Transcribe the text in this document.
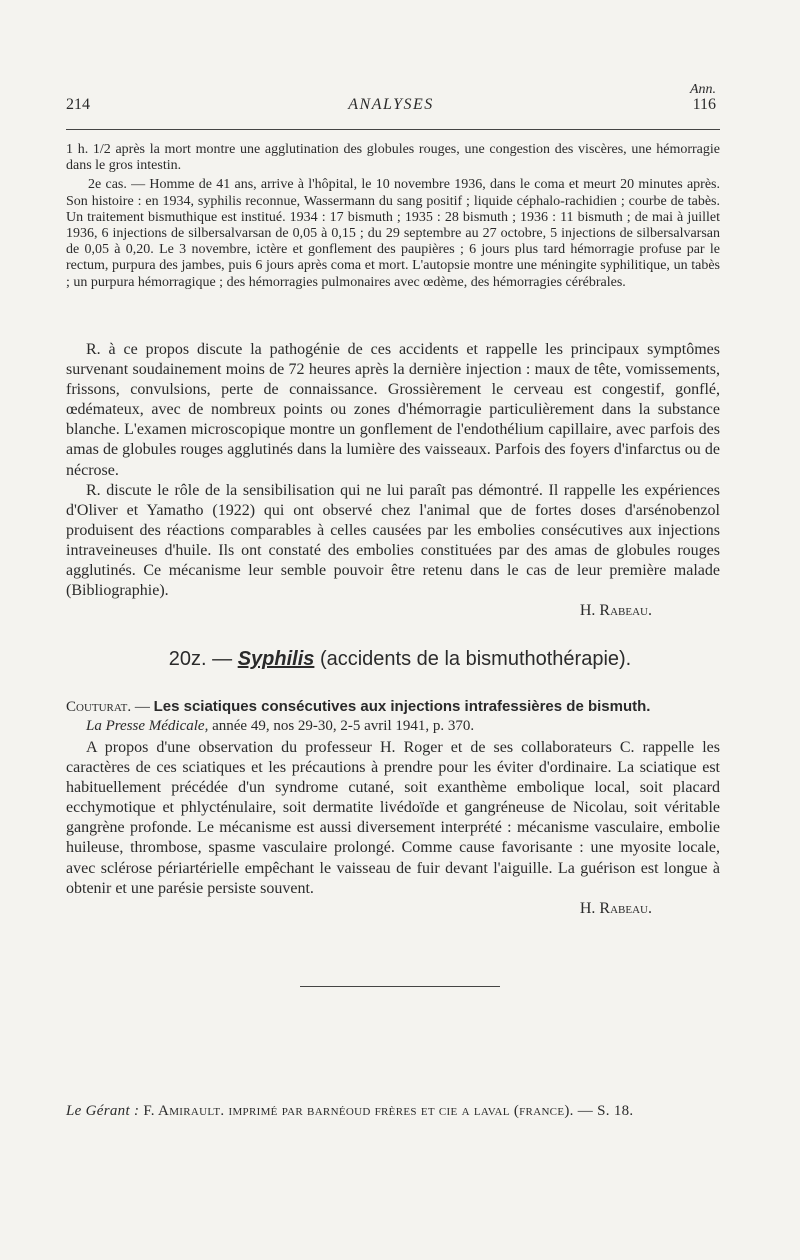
Ann.
214	ANALYSES	116

1 h. 1/2 après la mort montre une agglutination des globules rouges, une congestion des viscères, une hémorragie dans le gros intestin.

2e cas. — Homme de 41 ans, arrive à l'hôpital, le 10 novembre 1936, dans le coma et meurt 20 minutes après. Son histoire : en 1934, syphilis reconnue, Wassermann du sang positif ; liquide céphalo-rachidien ; courbe de tabès. Un traitement bismuthique est institué. 1934 : 17 bismuth ; 1935 : 28 bismuth ; 1936 : 11 bismuth ; de mai à juillet 1936, 6 injections de silbersalvarsan de 0,05 à 0,15 ; du 29 septembre au 27 octobre, 5 injections de silbersalvarsan de 0,05 à 0,20. Le 3 novembre, ictère et gonflement des paupières ; 6 jours plus tard hémorragie profuse par le rectum, purpura des jambes, puis 6 jours après coma et mort. L'autopsie montre une méningite syphilitique, un tabès ; un purpura hémorragique ; des hémorragies pulmonaires avec œdème, des hémorragies cérébrales.

R. à ce propos discute la pathogénie de ces accidents et rappelle les principaux symptômes survenant soudainement moins de 72 heures après la dernière injection : maux de tête, vomissements, frissons, convulsions, perte de connaissance. Grossièrement le cerveau est congestif, gonflé, œdémateux, avec de nombreux points ou zones d'hémorragie particulièrement dans la substance blanche. L'examen microscopique montre un gonflement de l'endothélium capillaire, avec parfois des amas de globules rouges agglutinés dans la lumière des vaisseaux. Parfois des foyers d'infarctus ou de nécrose.

R. discute le rôle de la sensibilisation qui ne lui paraît pas démontré. Il rappelle les expériences d'Oliver et Yamatho (1922) qui ont observé chez l'animal que de fortes doses d'arsénobenzol produisent des réactions comparables à celles causées par les embolies consécutives aux injections intraveineuses d'huile. Ils ont constaté des embolies constituées par des amas de globules rouges agglutinés. Ce mécanisme leur semble pouvoir être retenu dans le cas de leur première malade (Bibliographie).

H. Rabeau.
20z. — Syphilis (accidents de la bismuthothérapie).
Couturat. — Les sciatiques consécutives aux injections intrafessières de bismuth.
La Presse Médicale, année 49, nos 29-30, 2-5 avril 1941, p. 370.

A propos d'une observation du professeur H. Roger et de ses collaborateurs C. rappelle les caractères de ces sciatiques et les précautions à prendre pour les éviter d'ordinaire. La sciatique est habituellement précédée d'un syndrome cutané, soit exanthème embolique local, soit placard ecchymotique et phlycténulaire, soit dermatite livédoïde et gangréneuse de Nicolau, soit véritable gangrène profonde. Le mécanisme est aussi diversement interprété : mécanisme vasculaire, embolie huileuse, thrombose, spasme vasculaire prolongé. Comme cause favorisante : une myosite locale, avec sclérose périartérielle empêchant le vaisseau de fuir devant l'aiguille. La guérison est longue à obtenir et une parésie persiste souvent.

H. Rabeau.
Le Gérant : F. Amirault. imprimé par barnéoud frères et cie a laval (france). — S. 18.
